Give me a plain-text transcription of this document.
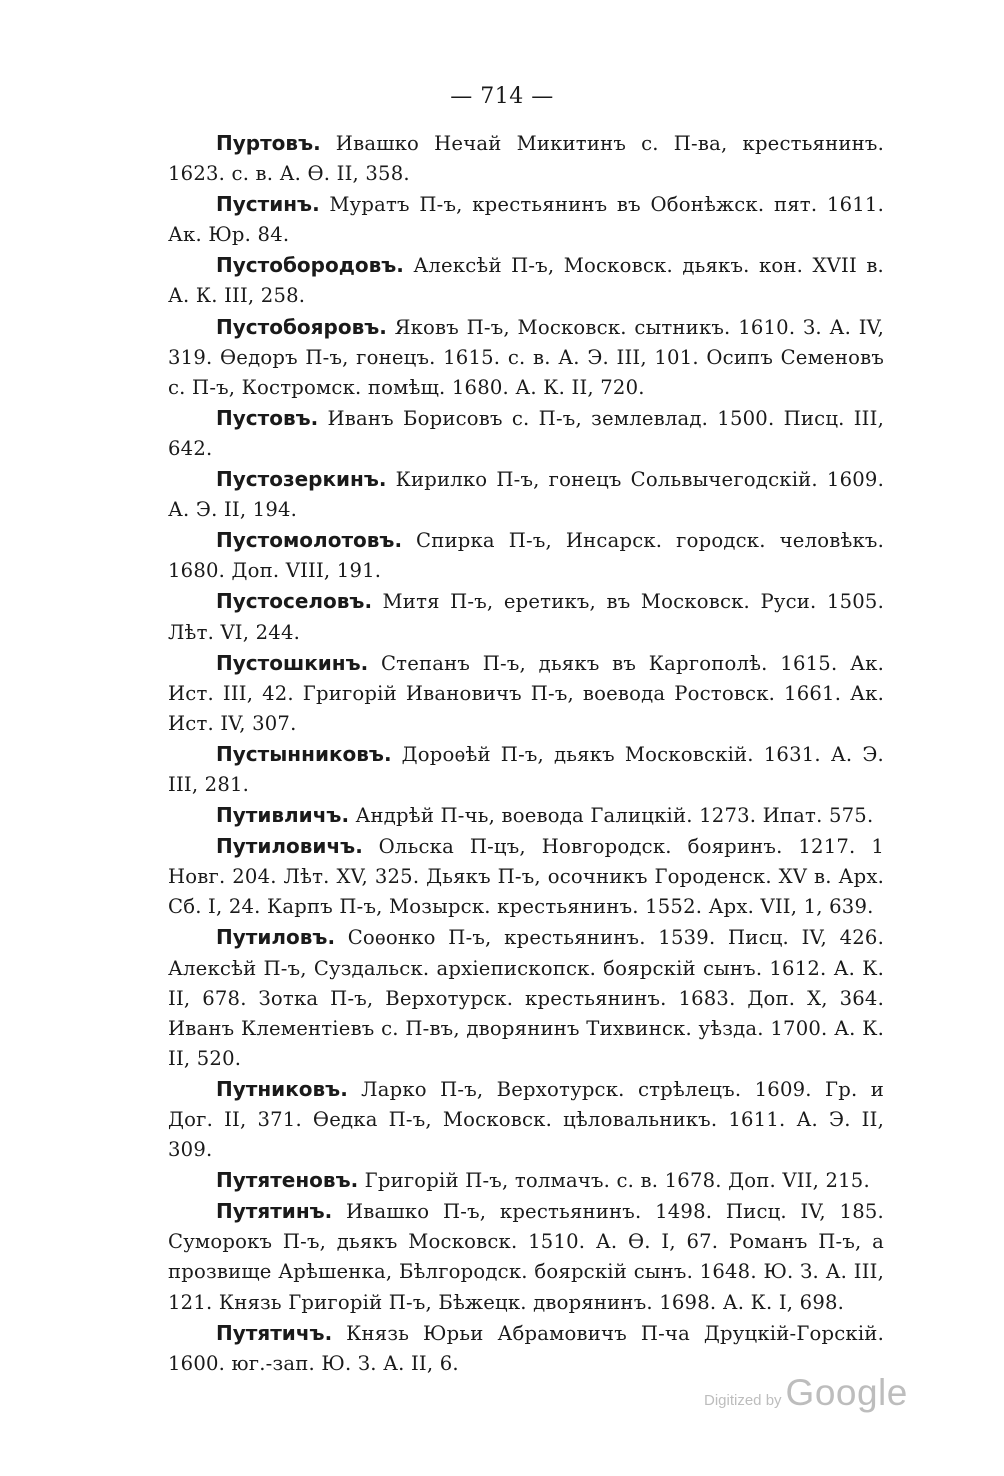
— 714 —

Пуртовъ. Ивашко Нечай Микитинъ с. П-ва, крестьянинъ. 1623. с. в. А. Ѳ. II, 358.

Пустинъ. Муратъ П-ъ, крестьянинъ въ Обонѣжск. пят. 1611. Ак. Юр. 84.

Пустобородовъ. Алексѣй П-ъ, Московск. дьякъ. кон. XVII в. А. К. III, 258.

Пустобояровъ. Яковъ П-ъ, Московск. сытникъ. 1610. З. А. IV, 319. Ѳедоръ П-ъ, гонецъ. 1615. с. в. А. Э. III, 101. Осипъ Семеновъ с. П-ъ, Костромск. помѣщ. 1680. А. К. II, 720.

Пустовъ. Иванъ Борисовъ с. П-ъ, землевлад. 1500. Писц. III, 642.

Пустозеркинъ. Кирилко П-ъ, гонецъ Сольвычегодскій. 1609. А. Э. II, 194.

Пустомолотовъ. Спирка П-ъ, Инсарск. городск. человѣкъ. 1680. Доп. VIII, 191.

Пустоселовъ. Митя П-ъ, еретикъ, въ Московск. Руси. 1505. Лѣт. VI, 244.

Пустошкинъ. Степанъ П-ъ, дьякъ въ Каргополѣ. 1615. Ак. Ист. III, 42. Григорій Ивановичъ П-ъ, воевода Ростовск. 1661. Ак. Ист. IV, 307.

Пустынниковъ. Дороѳѣй П-ъ, дьякъ Московскій. 1631. А. Э. III, 281.

Путивличъ. Андрѣй П-чь, воевода Галицкій. 1273. Ипат. 575.

Путиловичъ. Ольска П-цъ, Новгородск. бояринъ. 1217. 1 Новг. 204. Лѣт. XV, 325. Дьякъ П-ъ, осочникъ Городенск. XV в. Арх. Сб. I, 24. Карпъ П-ъ, Мозырск. крестьянинъ. 1552. Арх. VII, 1, 639.

Путиловъ. Соѳонко П-ъ, крестьянинъ. 1539. Писц. IV, 426. Алексѣй П-ъ, Суздальск. архіепископск. боярскій сынъ. 1612. А. К. II, 678. Зотка П-ъ, Верхотурск. крестьянинъ. 1683. Доп. X, 364. Иванъ Клементіевъ с. П-въ, дворянинъ Тихвинск. уѣзда. 1700. А. К. II, 520.

Путниковъ. Ларко П-ъ, Верхотурск. стрѣлецъ. 1609. Гр. и Дог. II, 371. Ѳедка П-ъ, Московск. цѣловальникъ. 1611. А. Э. II, 309.

Путятеновъ. Григорій П-ъ, толмачъ. с. в. 1678. Доп. VII, 215.

Путятинъ. Ивашко П-ъ, крестьянинъ. 1498. Писц. IV, 185. Суморокъ П-ъ, дьякъ Московск. 1510. А. Ѳ. I, 67. Романъ П-ъ, а прозвище Арѣшенка, Бѣлгородск. боярскій сынъ. 1648. Ю. З. А. III, 121. Князь Григорій П-ъ, Бѣжецк. дворянинъ. 1698. А. К. I, 698.

Путятичъ. Князь Юрьи Абрамовичъ П-ча Друцкій-Горскій. 1600. юг.-зап. Ю. З. А. II, 6.

Digitized by Google
